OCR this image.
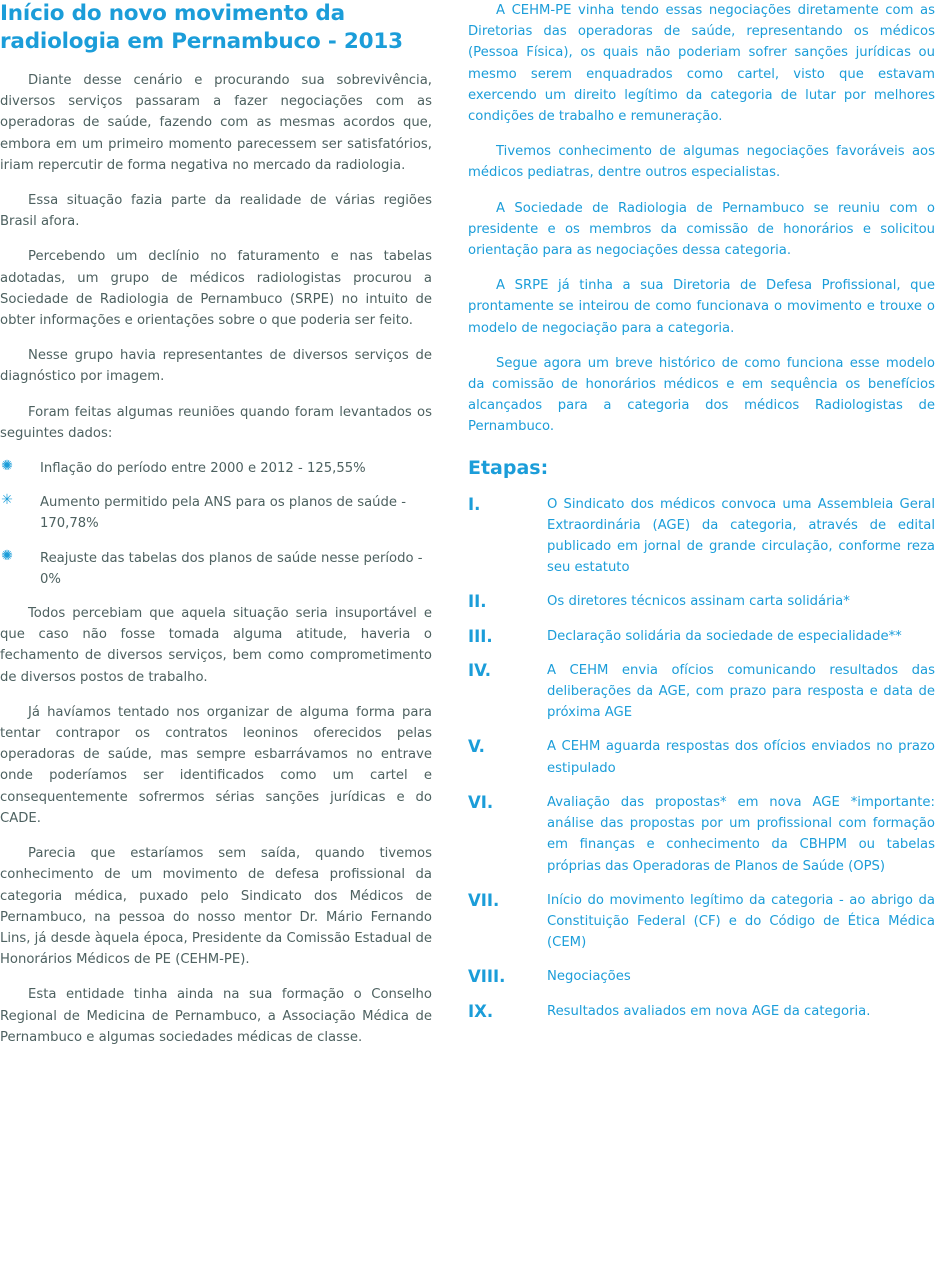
Início do novo movimento da radiologia em Pernambuco - 2013

Diante desse cenário e procurando sua sobrevivência, diversos serviços passaram a fazer negociações com as operadoras de saúde, fazendo com as mesmas acordos que, embora em um primeiro momento parecessem ser satisfatórios, iriam repercutir de forma negativa no mercado da radiologia.

Essa situação fazia parte da realidade de várias regiões Brasil afora.

Percebendo um declínio no faturamento e nas tabelas adotadas, um grupo de médicos radiologistas procurou a Sociedade de Radiologia de Pernambuco (SRPE) no intuito de obter informações e orientações sobre o que poderia ser feito.

Nesse grupo havia representantes de diversos serviços de diagnóstico por imagem.

Foram feitas algumas reuniões quando foram levantados os seguintes dados:

✺ Inflação do período entre 2000 e 2012 - 125,55%
✳ Aumento permitido pela ANS para os planos de saúde - 170,78%
✺ Reajuste das tabelas dos planos de saúde nesse período - 0%

Todos percebiam que aquela situação seria insuportável e que caso não fosse tomada alguma atitude, haveria o fechamento de diversos serviços, bem como comprometimento de diversos postos de trabalho.

Já havíamos tentado nos organizar de alguma forma para tentar contrapor os contratos leoninos oferecidos pelas operadoras de saúde, mas sempre esbarrávamos no entrave onde poderíamos ser identificados como um cartel e consequentemente sofrermos sérias sanções jurídicas e do CADE.

Parecia que estaríamos sem saída, quando tivemos conhecimento de um movimento de defesa profissional da categoria médica, puxado pelo Sindicato dos Médicos de Pernambuco, na pessoa do nosso mentor Dr. Mário Fernando Lins, já desde àquela época, Presidente da Comissão Estadual de Honorários Médicos de PE (CEHM-PE).

Esta entidade tinha ainda na sua formação o Conselho Regional de Medicina de Pernambuco, a Associação Médica de Pernambuco e algumas sociedades médicas de classe.

A CEHM-PE vinha tendo essas negociações diretamente com as Diretorias das operadoras de saúde, representando os médicos (Pessoa Física), os quais não poderiam sofrer sanções jurídicas ou mesmo serem enquadrados como cartel, visto que estavam exercendo um direito legítimo da categoria de lutar por melhores condições de trabalho e remuneração.

Tivemos conhecimento de algumas negociações favoráveis aos médicos pediatras, dentre outros especialistas.

A Sociedade de Radiologia de Pernambuco se reuniu com o presidente e os membros da comissão de honorários e solicitou orientação para as negociações dessa categoria.

A SRPE já tinha a sua Diretoria de Defesa Profissional, que prontamente se inteirou de como funcionava o movimento e trouxe o modelo de negociação para a categoria.

Segue agora um breve histórico de como funciona esse modelo da comissão de honorários médicos e em sequência os benefícios alcançados para a categoria dos médicos Radiologistas de Pernambuco.

Etapas:
I.	O Sindicato dos médicos convoca uma Assembleia Geral Extraordinária (AGE) da categoria, através de edital publicado em jornal de grande circulação, conforme reza seu estatuto
II.	Os diretores técnicos assinam carta solidária*
III.	Declaração solidária da sociedade de especialidade**
IV.	A CEHM envia ofícios comunicando resultados das deliberações da AGE, com prazo para resposta e data de próxima AGE
V.	A CEHM aguarda respostas dos ofícios enviados no prazo estipulado
VI.	Avaliação das propostas* em nova AGE *importante: análise das propostas por um profissional com formação em finanças e conhecimento da CBHPM ou tabelas próprias das Operadoras de Planos de Saúde (OPS)
VII.	Início do movimento legítimo da categoria - ao abrigo da Constituição Federal (CF) e do Código de Ética Médica (CEM)
VIII.	Negociações
IX.	Resultados avaliados em nova AGE da categoria.
